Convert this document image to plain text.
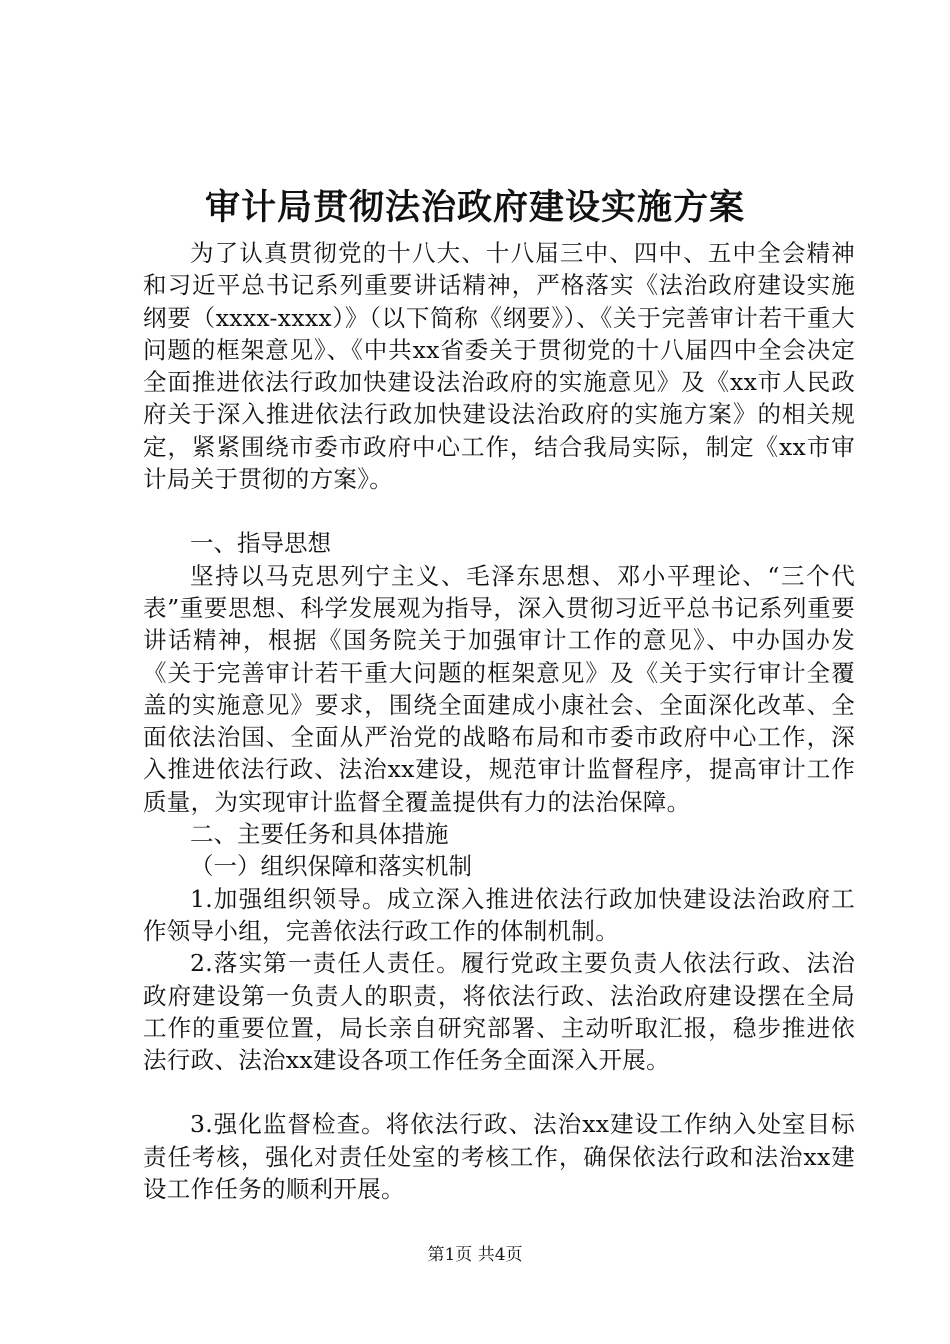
审计局贯彻法治政府建设实施方案

为了认真贯彻党的十八大、十八届三中、四中、五中全会精神和习近平总书记系列重要讲话精神，严格落实《法治政府建设实施纲要（xxxx-xxxx）》（以下简称《纲要》）、《关于完善审计若干重大问题的框架意见》、《中共xx省委关于贯彻党的十八届四中全会决定全面推进依法行政加快建设法治政府的实施意见》及《xx市人民政府关于深入推进依法行政加快建设法治政府的实施方案》的相关规定，紧紧围绕市委市政府中心工作，结合我局实际，制定《xx市审计局关于贯彻的方案》。

一、指导思想

坚持以马克思列宁主义、毛泽东思想、邓小平理论、“三个代表”重要思想、科学发展观为指导，深入贯彻习近平总书记系列重要讲话精神，根据《国务院关于加强审计工作的意见》、中办国办发《关于完善审计若干重大问题的框架意见》及《关于实行审计全覆盖的实施意见》要求，围绕全面建成小康社会、全面深化改革、全面依法治国、全面从严治党的战略布局和市委市政府中心工作，深入推进依法行政、法治xx建设，规范审计监督程序，提高审计工作质量，为实现审计监督全覆盖提供有力的法治保障。

二、主要任务和具体措施

（一）组织保障和落实机制

1.加强组织领导。成立深入推进依法行政加快建设法治政府工作领导小组，完善依法行政工作的体制机制。

2.落实第一责任人责任。履行党政主要负责人依法行政、法治政府建设第一负责人的职责，将依法行政、法治政府建设摆在全局工作的重要位置，局长亲自研究部署、主动听取汇报，稳步推进依法行政、法治xx建设各项工作任务全面深入开展。

3.强化监督检查。将依法行政、法治xx建设工作纳入处室目标责任考核，强化对责任处室的考核工作，确保依法行政和法治xx建设工作任务的顺利开展。

第1页 共4页
